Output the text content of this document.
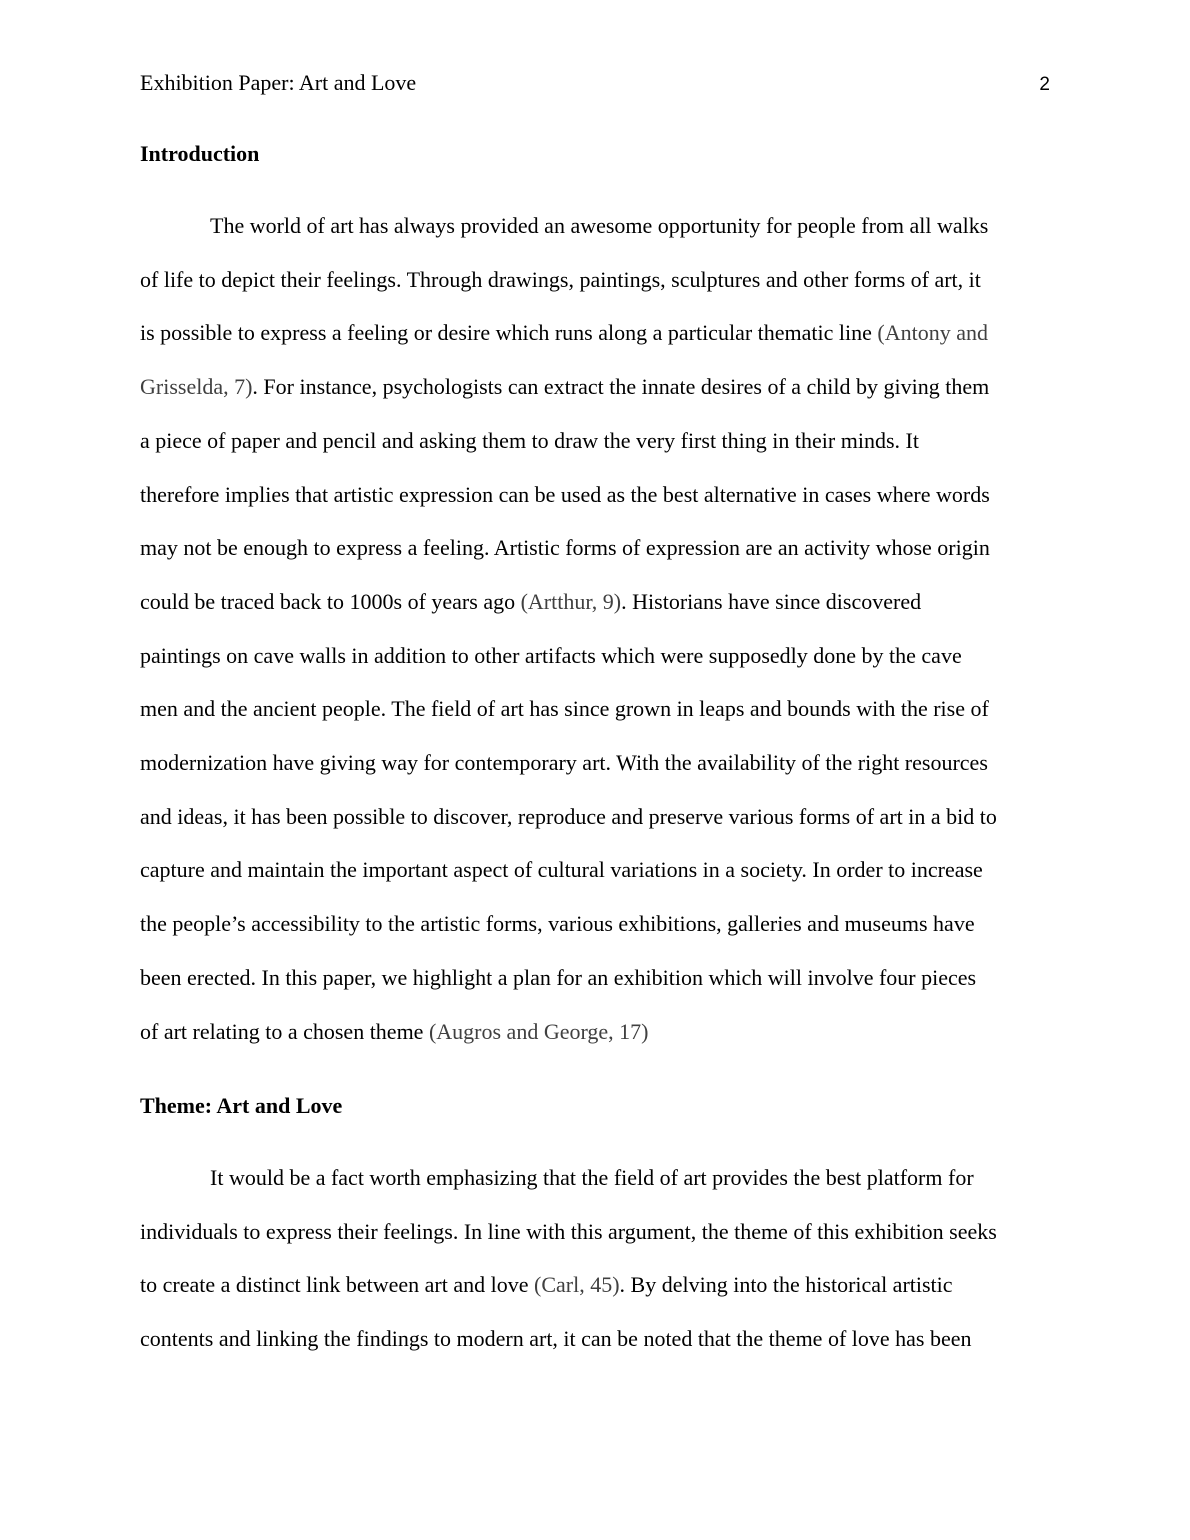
Exhibition Paper: Art and Love	2
Introduction
The world of art has always provided an awesome opportunity for people from all walks
of life to depict their feelings. Through drawings, paintings, sculptures and other forms of art, it
is possible to express a feeling or desire which runs along a particular thematic line (Antony and
Grisselda, 7). For instance, psychologists can extract the innate desires of a child by giving them
a piece of paper and pencil and asking them to draw the very first thing in their minds. It
therefore implies that artistic expression can be used as the best alternative in cases where words
may not be enough to express a feeling. Artistic forms of expression are an activity whose origin
could be traced back to 1000s of years ago (Artthur, 9). Historians have since discovered
paintings on cave walls in addition to other artifacts which were supposedly done by the cave
men and the ancient people. The field of art has since grown in leaps and bounds with the rise of
modernization have giving way for contemporary art. With the availability of the right resources
and ideas, it has been possible to discover, reproduce and preserve various forms of art in a bid to
capture and maintain the important aspect of cultural variations in a society. In order to increase
the people’s accessibility to the artistic forms, various exhibitions, galleries and museums have
been erected. In this paper, we highlight a plan for an exhibition which will involve four pieces
of art relating to a chosen theme (Augros and George, 17)
Theme: Art and Love
It would be a fact worth emphasizing that the field of art provides the best platform for
individuals to express their feelings. In line with this argument, the theme of this exhibition seeks
to create a distinct link between art and love (Carl, 45). By delving into the historical artistic
contents and linking the findings to modern art, it can be noted that the theme of love has been
